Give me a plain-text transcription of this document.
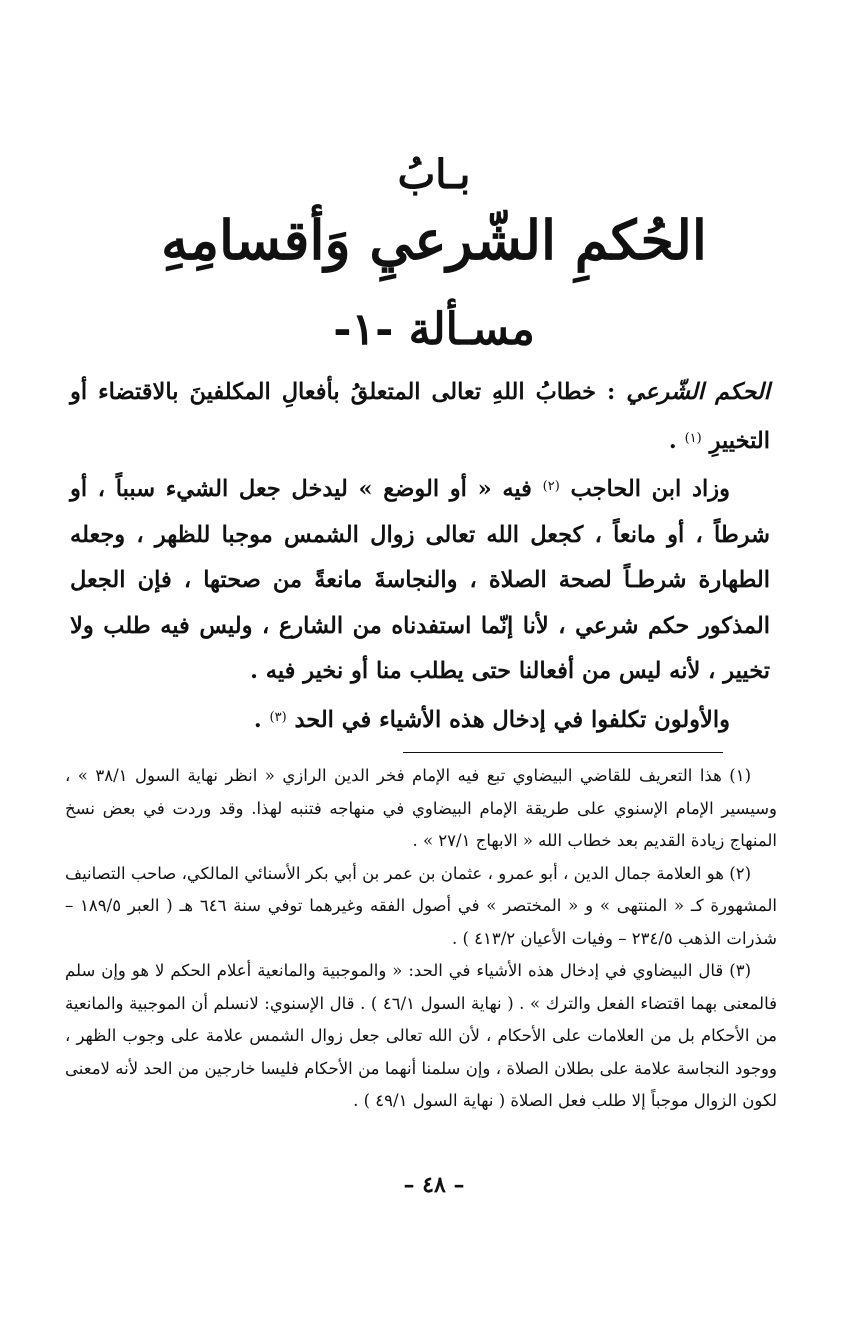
بـابُ
الحُكمِ الشّرعيِ وَأقسامِهِ
مسـألة -١-

الحكم الشّرعي : خطابُ اللهِ تعالى المتعلقُ بأفعالِ المكلفينَ بالاقتضاء أو التخييرِ $^{(١)}$ .

وزاد ابن الحاجب $^{(٢)}$ فيه « أو الوضع » ليدخل جعل الشيء سبباً ، أو شرطاً ، أو مانعاً ، كجعل الله تعالى زوال الشمس موجبا للظهر ، وجعله الطهارة شرطـاً لصحة الصلاة ، والنجاسةَ مانعةً من صحتها ، فإن الجعل المذكور حكم شرعي ، لأنا إنّما استفدناه من الشارع ، وليس فيه طلب ولا تخيير ، لأنه ليس من أفعالنا حتى يطلب منا أو نخير فيه .

والأولون تكلفوا في إدخال هذه الأشياء في الحد $^{(٣)}$ .

(١) هذا التعريف للقاضي البيضاوي تبع فيه الإمام فخر الدين الرازي « انظر نهاية السول ٣٨/١ » ، وسيسير الإمام الإسنوي على طريقة الإمام البيضاوي في منهاجه فتنبه لهذا. وقد وردت في بعض نسخ المنهاج زيادة القديم بعد خطاب الله « الابهاج ٢٧/١ » .

(٢) هو العلامة جمال الدين ، أبو عمرو ، عثمان بن عمر بن أبي بكر الأسنائي المالكي، صاحب التصانيف المشهورة كـ « المنتهى » و « المختصر » في أصول الفقه وغيرهما توفي سنة ٦٤٦ هـ ( العبر ١٨٩/٥ – شذرات الذهب ٢٣٤/٥ – وفيات الأعيان ٤١٣/٢ ) .

(٣) قال البيضاوي في إدخال هذه الأشياء في الحد: « والموجبية والمانعية أعلام الحكم لا هو وإن سلم فالمعنى بهما اقتضاء الفعل والترك » . ( نهاية السول ٤٦/١ ) . قال الإسنوي: لانسلم أن الموجبية والمانعية من الأحكام بل من العلامات على الأحكام ، لأن الله تعالى جعل زوال الشمس علامة على وجوب الظهر ، ووجود النجاسة علامة على بطلان الصلاة ، وإن سلمنا أنهما من الأحكام فليسا خارجين من الحد لأنه لامعنى لكون الزوال موجباً إلا طلب فعل الصلاة ( نهاية السول ٤٩/١ ) .

– ٤٨ –
